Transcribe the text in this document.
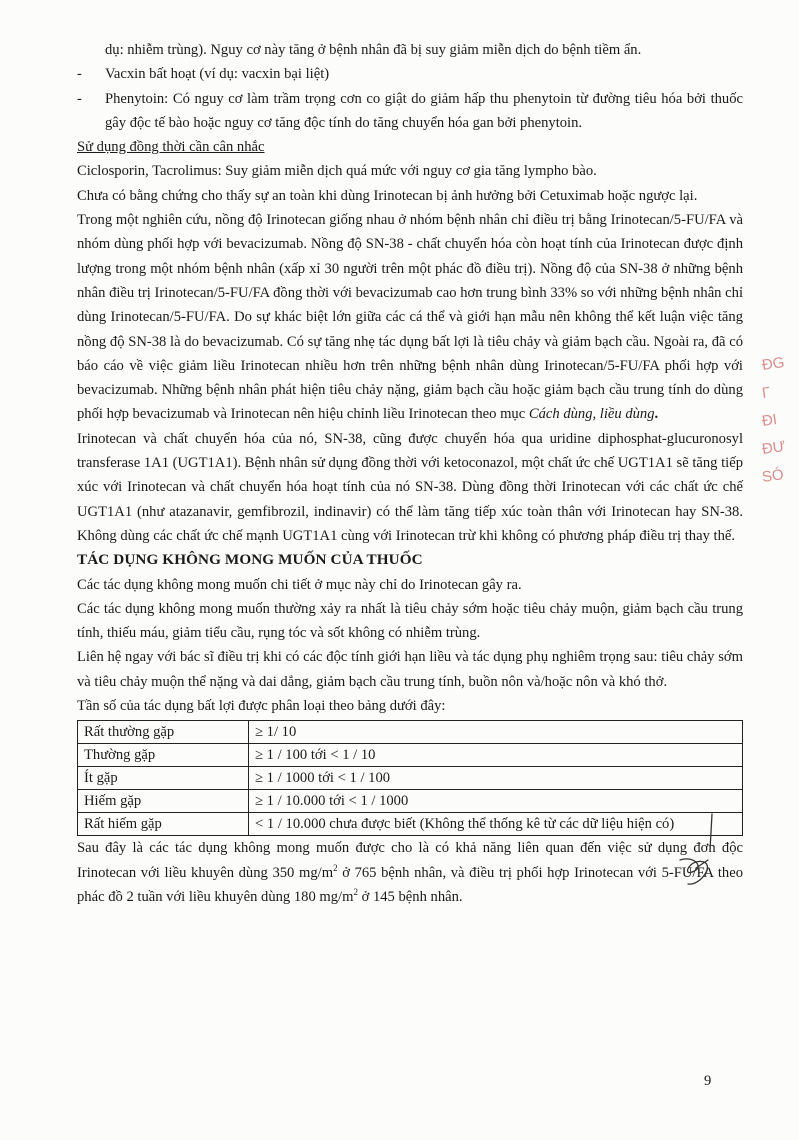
dụ: nhiễm trùng). Nguy cơ này tăng ở bệnh nhân đã bị suy giảm miễn dịch do bệnh tiềm ẩn.

- Vacxin bất hoạt (ví dụ: vacxin bại liệt)

- Phenytoin: Có nguy cơ làm trầm trọng cơn co giật do giảm hấp thu phenytoin từ đường tiêu hóa bởi thuốc gây độc tế bào hoặc nguy cơ tăng độc tính do tăng chuyển hóa gan bởi phenytoin.

Sử dụng đồng thời cần cân nhắc

Ciclosporin, Tacrolimus: Suy giảm miễn dịch quá mức với nguy cơ gia tăng lympho bào.

Chưa có bằng chứng cho thấy sự an toàn khi dùng Irinotecan bị ảnh hưởng bởi Cetuximab hoặc ngược lại.

Trong một nghiên cứu, nồng độ Irinotecan giống nhau ở nhóm bệnh nhân chỉ điều trị bằng Irinotecan/5-FU/FA và nhóm dùng phối hợp với bevacizumab. Nồng độ SN-38 - chất chuyển hóa còn hoạt tính của Irinotecan được định lượng trong một nhóm bệnh nhân (xấp xỉ 30 người trên một phác đồ điều trị). Nồng độ của SN-38 ở những bệnh nhân điều trị Irinotecan/5-FU/FA đồng thời với bevacizumab cao hơn trung bình 33% so với những bệnh nhân chỉ dùng Irinotecan/5-FU/FA. Do sự khác biệt lớn giữa các cá thể và giới hạn mẫu nên không thể kết luận việc tăng nồng độ SN-38 là do bevacizumab. Có sự tăng nhẹ tác dụng bất lợi là tiêu chảy và giảm bạch cầu. Ngoài ra, đã có báo cáo về việc giảm liều Irinotecan nhiều hơn trên những bệnh nhân dùng Irinotecan/5-FU/FA phối hợp với bevacizumab. Những bệnh nhân phát hiện tiêu chảy nặng, giảm bạch cầu hoặc giảm bạch cầu trung tính do dùng phối hợp bevacizumab và Irinotecan nên hiệu chỉnh liều Irinotecan theo mục Cách dùng, liều dùng.

Irinotecan và chất chuyển hóa của nó, SN-38, cũng được chuyển hóa qua uridine diphosphat-glucuronosyl transferase 1A1 (UGT1A1). Bệnh nhân sử dụng đồng thời với ketoconazol, một chất ức chế UGT1A1 sẽ tăng tiếp xúc với Irinotecan và chất chuyển hóa hoạt tính của nó SN-38. Dùng đồng thời Irinotecan với các chất ức chế UGT1A1 (như atazanavir, gemfibrozil, indinavir) có thể làm tăng tiếp xúc toàn thân với Irinotecan hay SN-38. Không dùng các chất ức chế mạnh UGT1A1 cùng với Irinotecan trừ khi không có phương pháp điều trị thay thế.

TÁC DỤNG KHÔNG MONG MUỐN CỦA THUỐC

Các tác dụng không mong muốn chi tiết ở mục này chỉ do Irinotecan gây ra.

Các tác dụng không mong muốn thường xảy ra nhất là tiêu chảy sớm hoặc tiêu chảy muộn, giảm bạch cầu trung tính, thiếu máu, giảm tiểu cầu, rụng tóc và sốt không có nhiễm trùng.

Liên hệ ngay với bác sĩ điều trị khi có các độc tính giới hạn liều và tác dụng phụ nghiêm trọng sau: tiêu chảy sớm và tiêu chảy muộn thể nặng và dai dẳng, giảm bạch cầu trung tính, buồn nôn và/hoặc nôn và khó thở.

Tần số của tác dụng bất lợi được phân loại theo bảng dưới đây:

Rất thường gặp	≥ 1/ 10
Thường gặp	≥ 1 / 100 tới < 1 / 10
Ít gặp	≥ 1 / 1000 tới < 1 / 100
Hiếm gặp	≥ 1 / 10.000 tới < 1 / 1000
Rất hiếm gặp	< 1 / 10.000 chưa được biết (Không thể thống kê từ các dữ liệu hiện có)

Sau đây là các tác dụng không mong muốn được cho là có khả năng liên quan đến việc sử dụng đơn độc Irinotecan với liều khuyên dùng 350 $mg/m^2$ ở 765 bệnh nhân, và điều trị phối hợp Irinotecan với 5-FU/FA theo phác đồ 2 tuần với liều khuyên dùng 180 $mg/m^2$ ở 145 bệnh nhân.

ĐG
Γ
ĐI
ĐƯ
SÓ
9
